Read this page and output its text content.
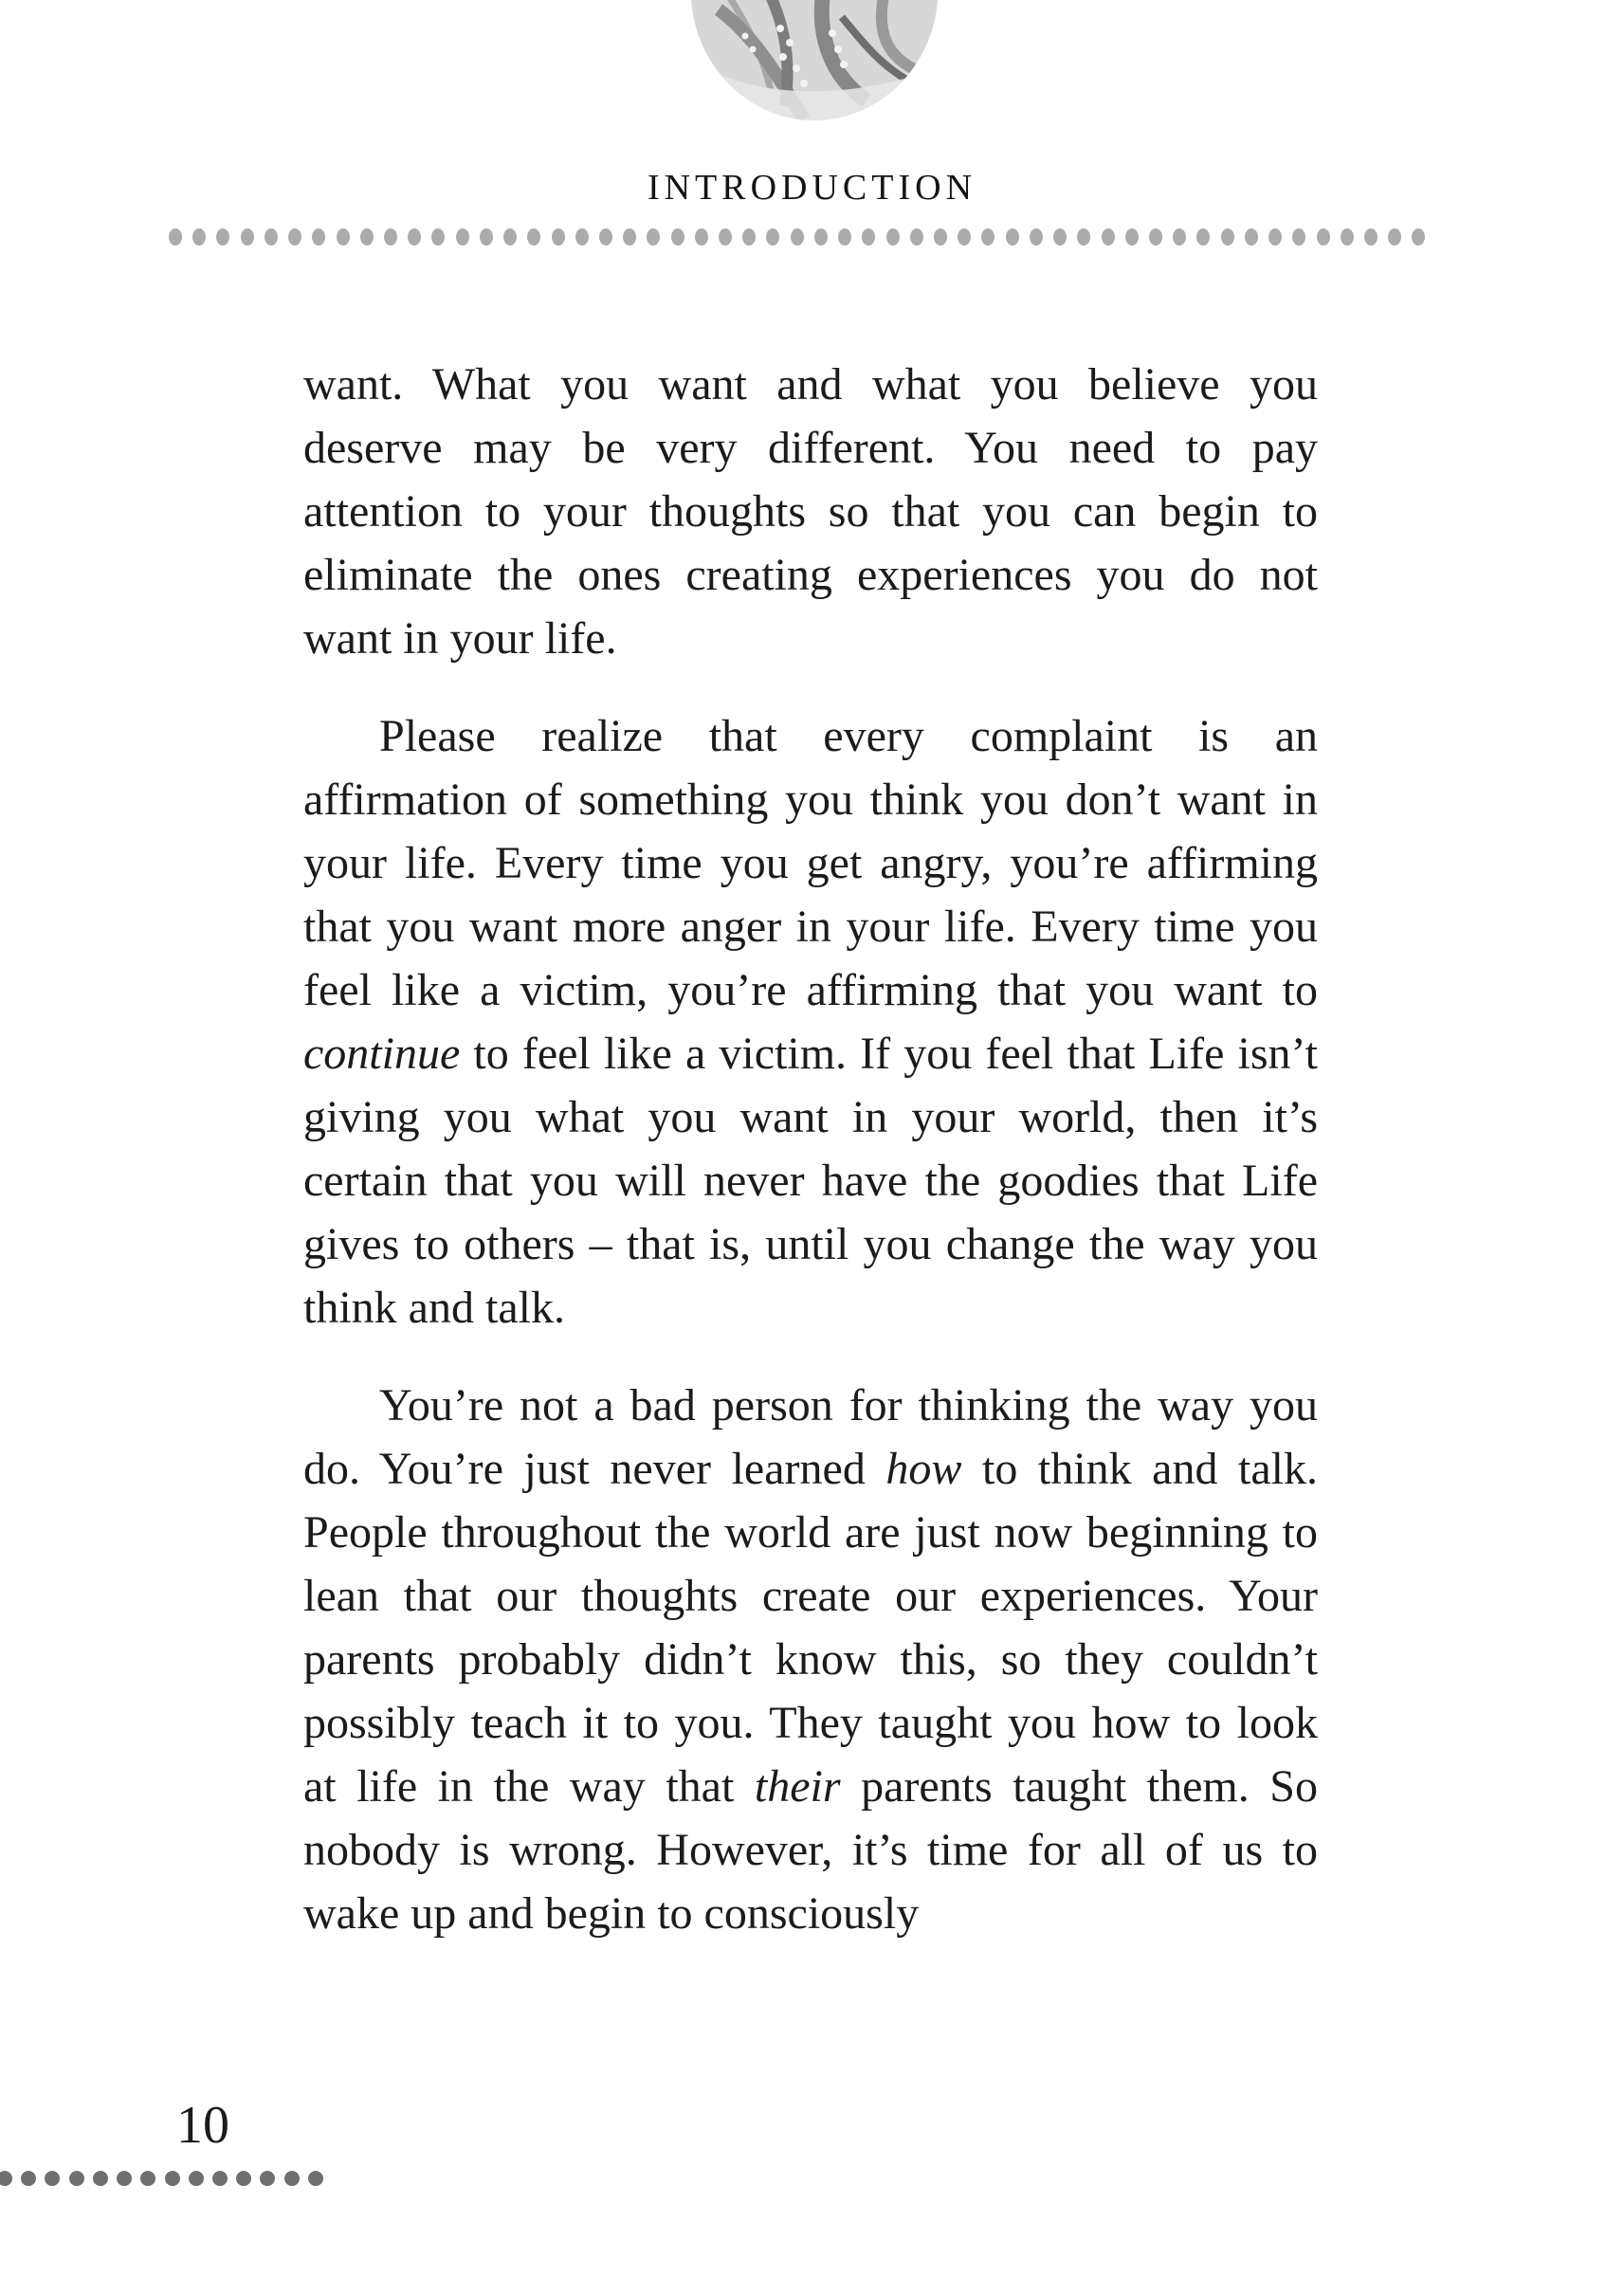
INTRODUCTION

want. What you want and what you believe you deserve may be very different. You need to pay attention to your thoughts so that you can begin to eliminate the ones creating experiences you do not want in your life.

Please realize that every complaint is an affirmation of something you think you don’t want in your life. Every time you get angry, you’re affirming that you want more anger in your life. Every time you feel like a victim, you’re affirming that you want to continue to feel like a victim. If you feel that Life isn’t giving you what you want in your world, then it’s certain that you will never have the goodies that Life gives to others – that is, until you change the way you think and talk.

You’re not a bad person for thinking the way you do. You’re just never learned how to think and talk. People throughout the world are just now beginning to lean that our thoughts create our experiences. Your parents probably didn’t know this, so they couldn’t possibly teach it to you. They taught you how to look at life in the way that their parents taught them. So nobody is wrong. However, it’s time for all of us to wake up and begin to consciously

10
